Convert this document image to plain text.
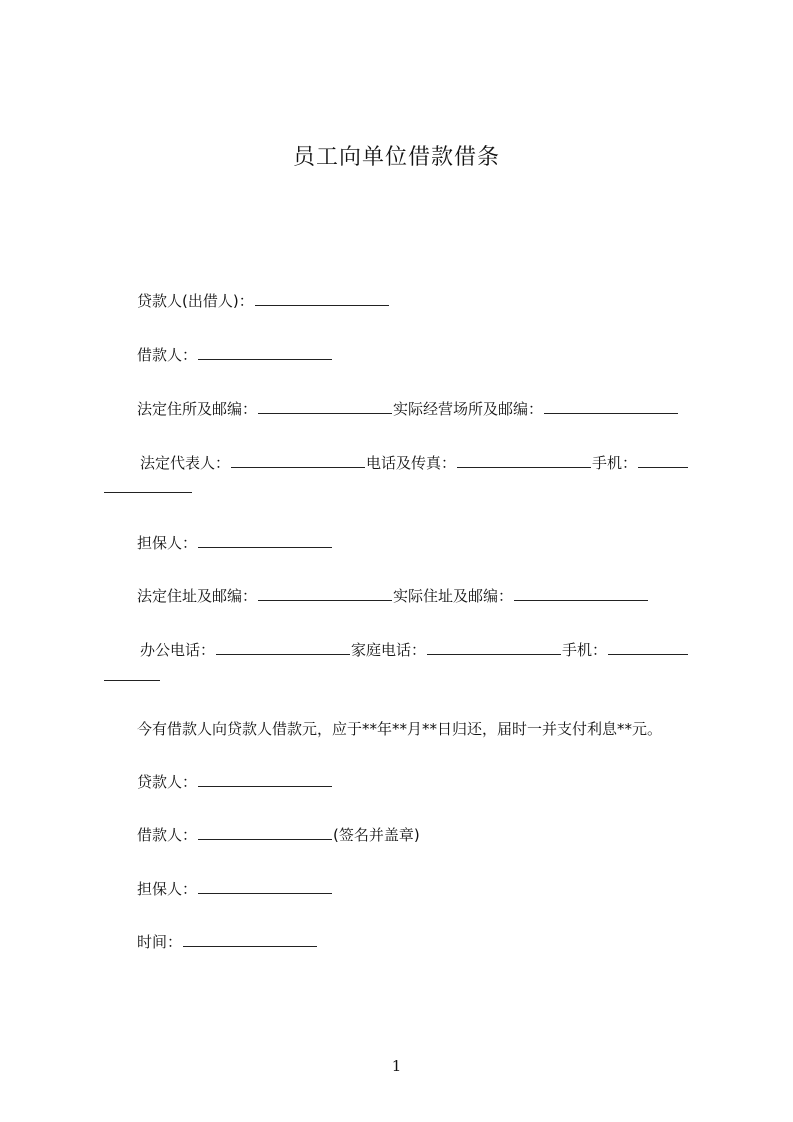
员工向单位借款借条
贷款人(出借人)：
借款人：
法定住所及邮编：	实际经营场所及邮编：
法定代表人：	电话及传真：	手机：
担保人：
法定住址及邮编：	实际住址及邮编：
办公电话：	家庭电话：	手机：
今有借款人向贷款人借款元，应于**年**月**日归还，届时一并支付利息**元。
贷款人：
借款人：	(签名并盖章)
担保人：
时间：
1
